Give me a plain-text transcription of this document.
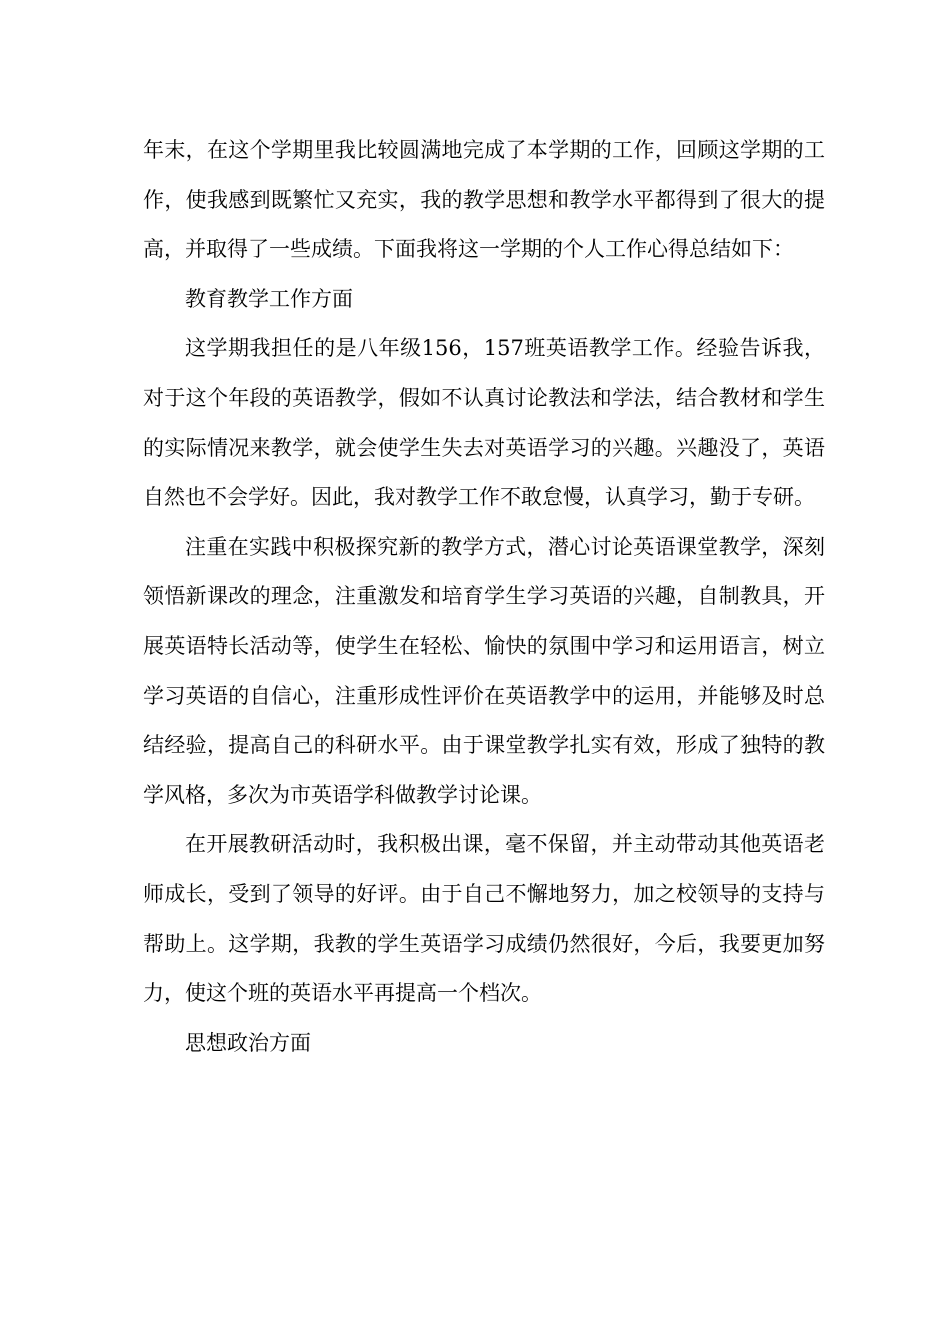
年末，在这个学期里我比较圆满地完成了本学期的工作，回顾这学期的工作，使我感到既繁忙又充实，我的教学思想和教学水平都得到了很大的提高，并取得了一些成绩。下面我将这一学期的个人工作心得总结如下：

教育教学工作方面

这学期我担任的是八年级156，157班英语教学工作。经验告诉我，对于这个年段的英语教学，假如不认真讨论教法和学法，结合教材和学生的实际情况来教学，就会使学生失去对英语学习的兴趣。兴趣没了，英语自然也不会学好。因此，我对教学工作不敢怠慢，认真学习，勤于专研。

注重在实践中积极探究新的教学方式，潜心讨论英语课堂教学，深刻领悟新课改的理念，注重激发和培育学生学习英语的兴趣，自制教具，开展英语特长活动等，使学生在轻松、愉快的氛围中学习和运用语言，树立学习英语的自信心，注重形成性评价在英语教学中的运用，并能够及时总结经验，提高自己的科研水平。由于课堂教学扎实有效，形成了独特的教学风格，多次为市英语学科做教学讨论课。

在开展教研活动时，我积极出课，毫不保留，并主动带动其他英语老师成长，受到了领导的好评。由于自己不懈地努力，加之校领导的支持与帮助上。这学期，我教的学生英语学习成绩仍然很好，今后，我要更加努力，使这个班的英语水平再提高一个档次。

思想政治方面
